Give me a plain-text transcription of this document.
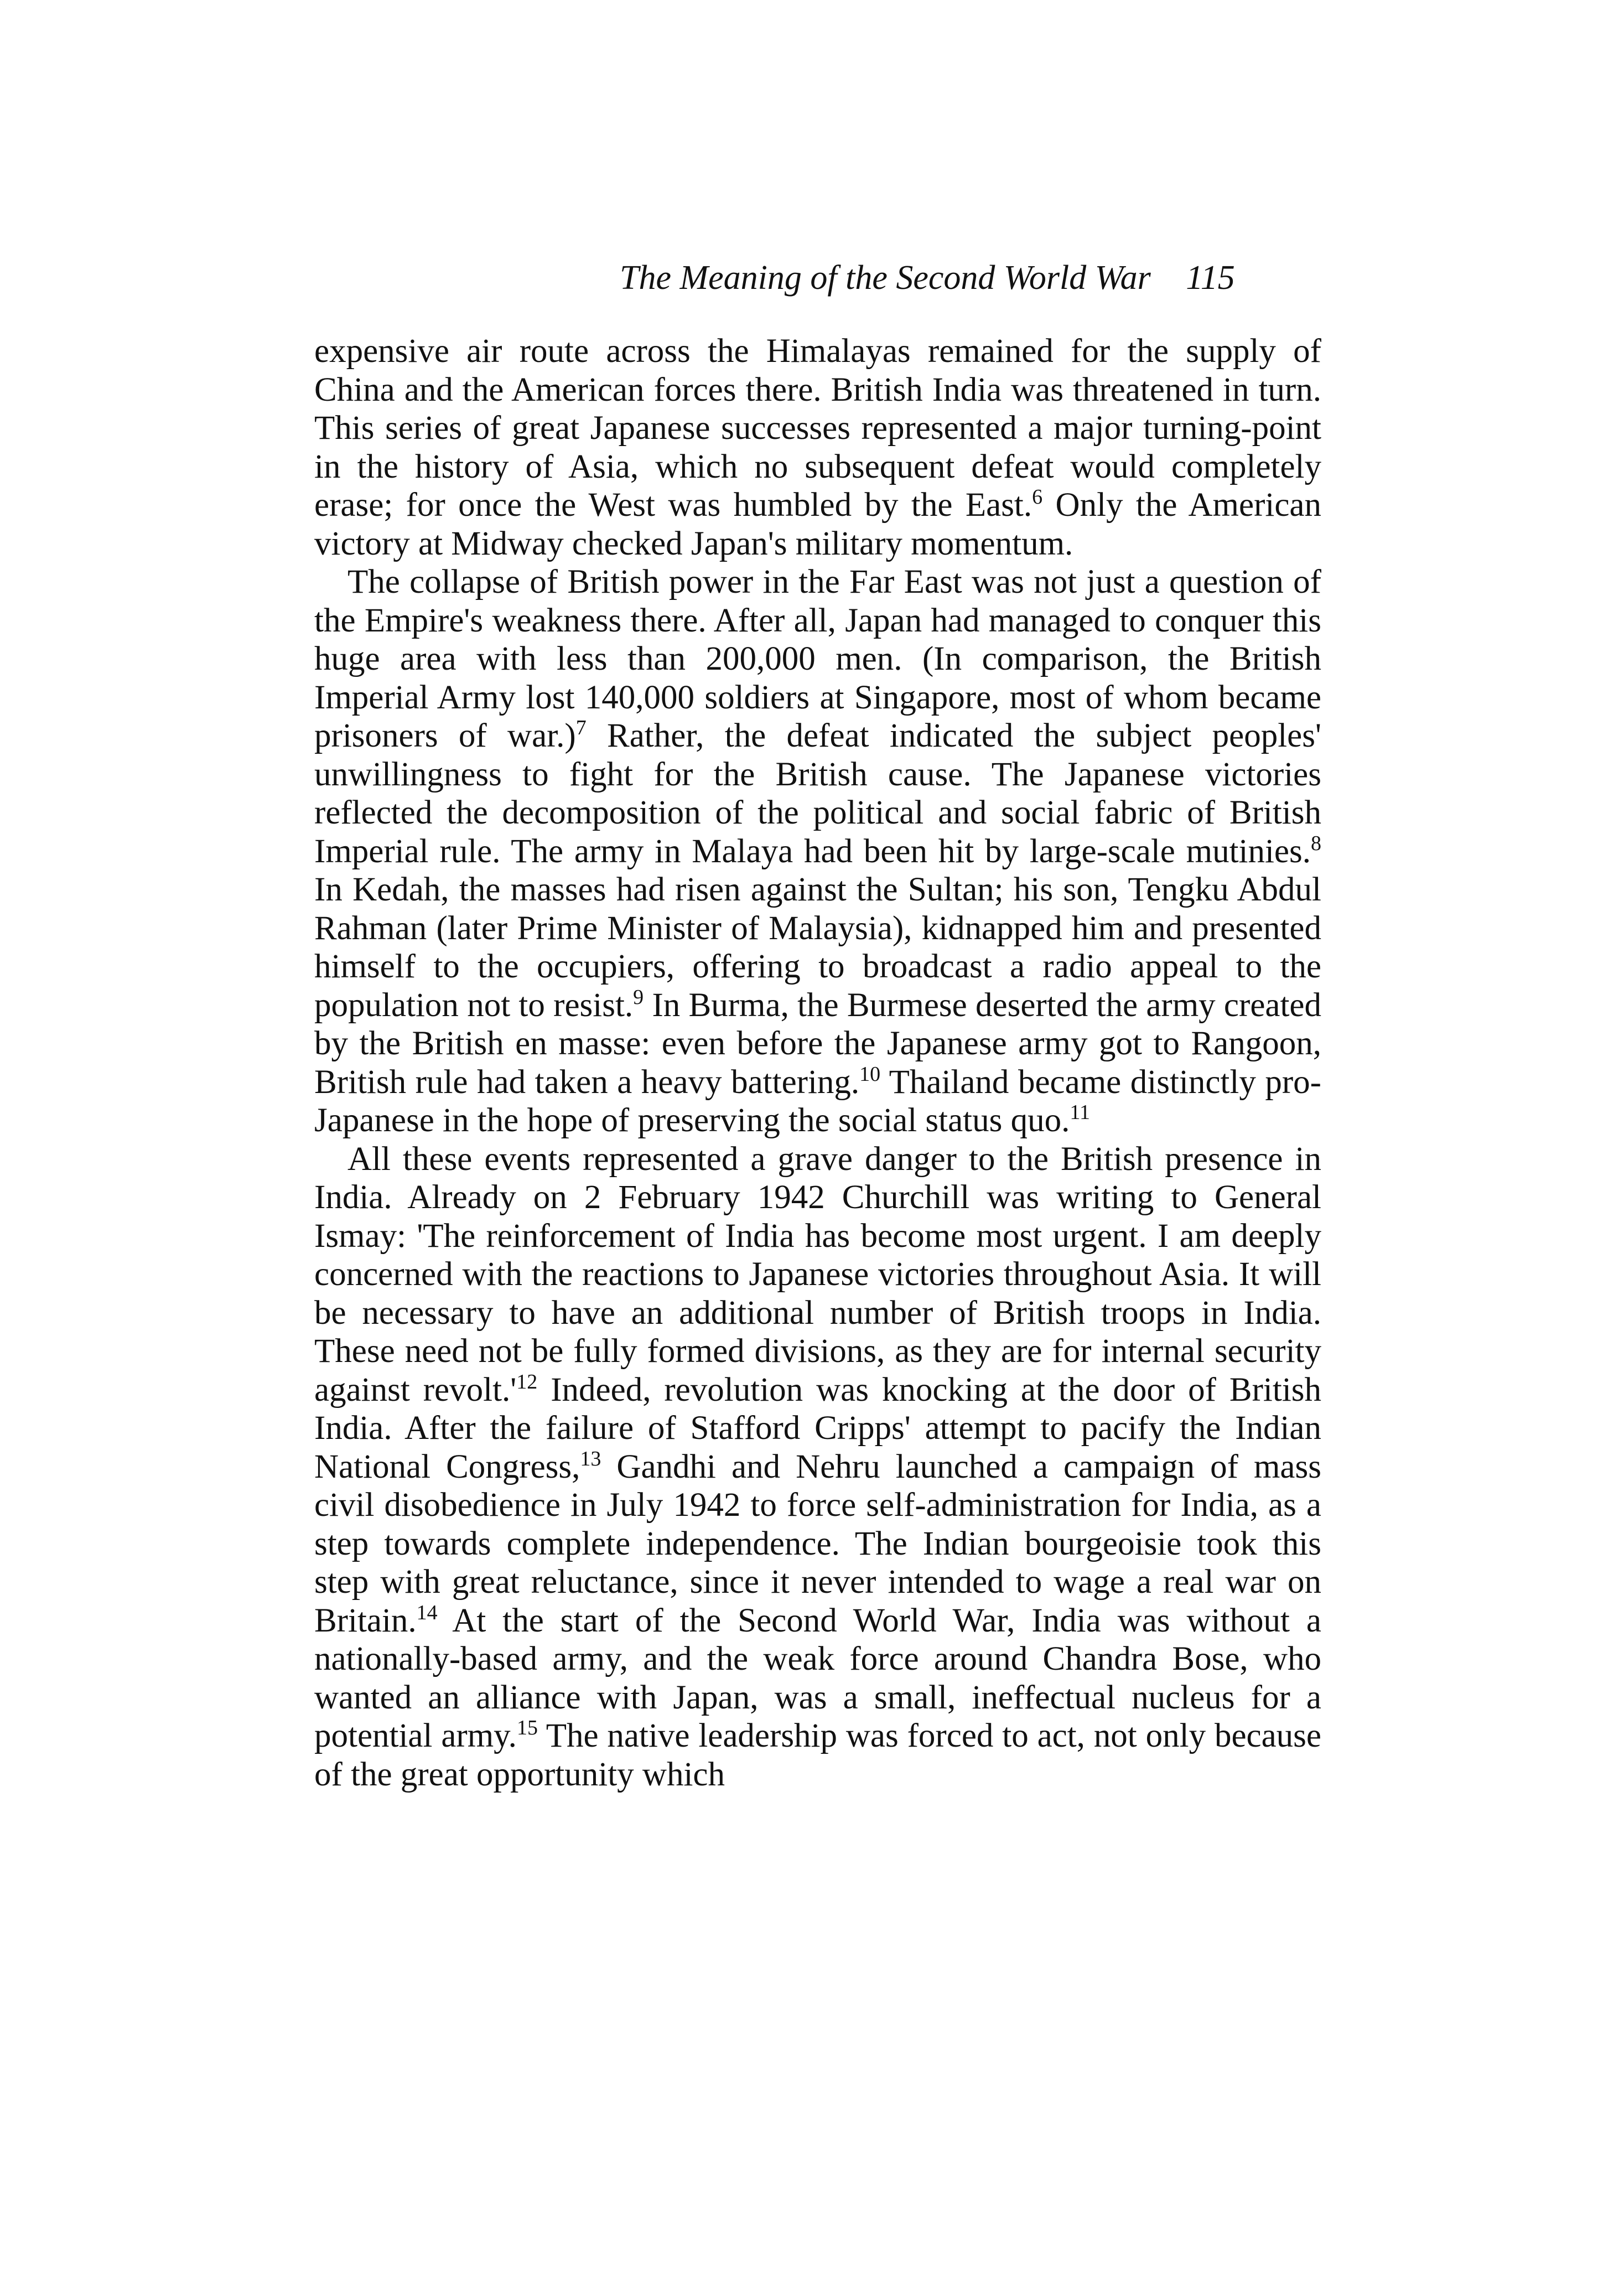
The Meaning of the Second World War 115

expensive air route across the Himalayas remained for the supply of China and the American forces there. British India was threatened in turn. This series of great Japanese successes represented a major turning-point in the history of Asia, which no subsequent defeat would completely erase; for once the West was humbled by the East.$^6$ Only the American victory at Midway checked Japan's military momentum.

The collapse of British power in the Far East was not just a question of the Empire's weakness there. After all, Japan had managed to conquer this huge area with less than 200,000 men. (In comparison, the British Imperial Army lost 140,000 soldiers at Singapore, most of whom became prisoners of war.)$^7$ Rather, the defeat indicated the subject peoples' unwillingness to fight for the British cause. The Japanese victories reflected the decomposition of the political and social fabric of British Imperial rule. The army in Malaya had been hit by large-scale mutinies.$^8$ In Kedah, the masses had risen against the Sultan; his son, Tengku Abdul Rahman (later Prime Minister of Malaysia), kidnapped him and presented himself to the occupiers, offering to broadcast a radio appeal to the population not to resist.$^9$ In Burma, the Burmese deserted the army created by the British en masse: even before the Japanese army got to Rangoon, British rule had taken a heavy battering.$^{10}$ Thailand became distinctly pro-Japanese in the hope of preserving the social status quo.$^{11}$

All these events represented a grave danger to the British presence in India. Already on 2 February 1942 Churchill was writing to General Ismay: 'The reinforcement of India has become most urgent. I am deeply concerned with the reactions to Japanese victories throughout Asia. It will be necessary to have an additional number of British troops in India. These need not be fully formed divisions, as they are for internal security against $revolt.'^{12}$ Indeed, revolution was knocking at the door of British India. After the failure of Stafford Cripps' attempt to pacify the Indian National Congress,$^{13}$ Gandhi and Nehru launched a campaign of mass civil disobedience in July 1942 to force self-administration for India, as a step towards complete independence. The Indian bourgeoisie took this step with great reluctance, since it never intended to wage a real war on Britain.$^{14}$ At the start of the Second World War, India was without a nationally-based army, and the weak force around Chandra Bose, who wanted an alliance with Japan, was a small, ineffectual nucleus for a potential army.$^{15}$ The native leadership was forced to act, not only because of the great opportunity which
